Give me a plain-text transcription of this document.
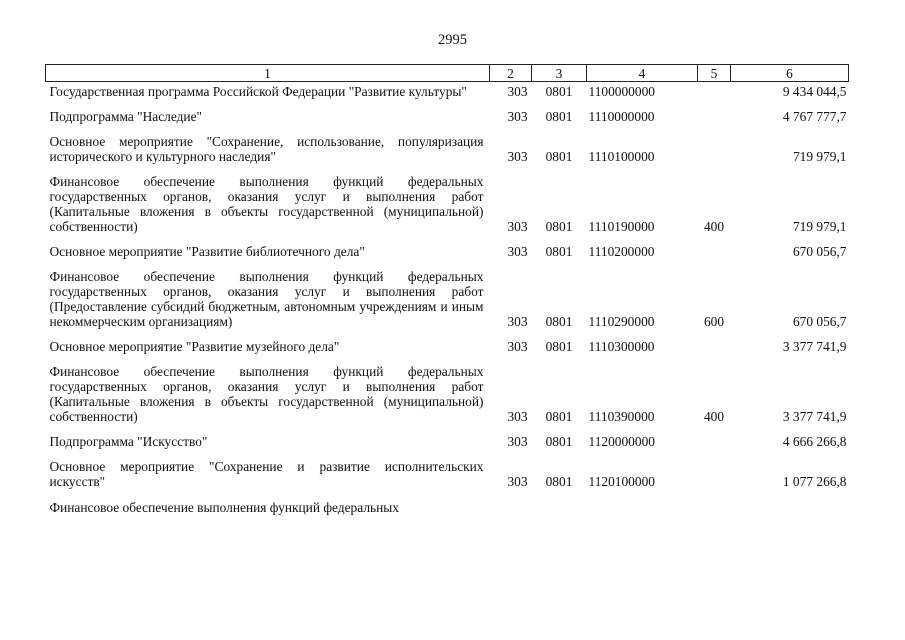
2995
1	2	3	4	5	6
Государственная программа Российской Федерации "Развитие культуры"	303	0801	1100000000		9 434 044,5
Подпрограмма "Наследие"	303	0801	1110000000		4 767 777,7
Основное мероприятие "Сохранение, использование, популяризация исторического и культурного наследия"	303	0801	1110100000		719 979,1
Финансовое обеспечение выполнения функций федеральных государственных органов, оказания услуг и выполнения работ (Капитальные вложения в объекты государственной (муниципальной) собственности)	303	0801	1110190000	400	719 979,1
Основное мероприятие "Развитие библиотечного дела"	303	0801	1110200000		670 056,7
Финансовое обеспечение выполнения функций федеральных государственных органов, оказания услуг и выполнения работ (Предоставление субсидий бюджетным, автономным учреждениям и иным некоммерческим организациям)	303	0801	1110290000	600	670 056,7
Основное мероприятие "Развитие музейного дела"	303	0801	1110300000		3 377 741,9
Финансовое обеспечение выполнения функций федеральных государственных органов, оказания услуг и выполнения работ (Капитальные вложения в объекты государственной (муниципальной) собственности)	303	0801	1110390000	400	3 377 741,9
Подпрограмма "Искусство"	303	0801	1120000000		4 666 266,8
Основное мероприятие "Сохранение и развитие исполнительских искусств"	303	0801	1120100000		1 077 266,8
Финансовое обеспечение выполнения функций федеральных					
